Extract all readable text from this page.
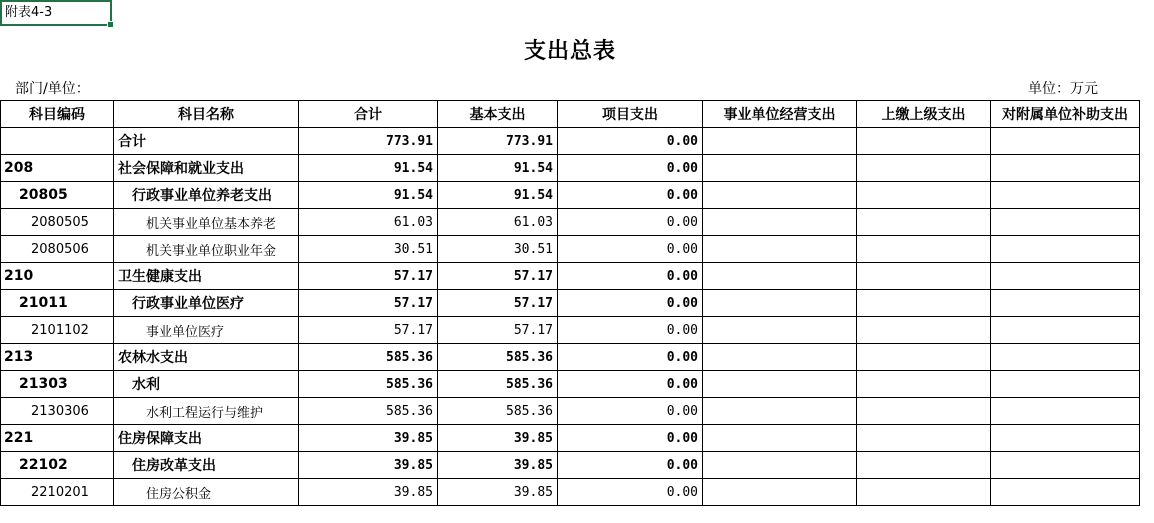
附表4-3
支出总表
部门/单位：	单位：万元
科目编码	科目名称	合计	基本支出	项目支出	事业单位经营支出	上缴上级支出	对附属单位补助支出
	合计	773.91	773.91	0.00			
208	社会保障和就业支出	91.54	91.54	0.00			
20805	行政事业单位养老支出	91.54	91.54	0.00			
2080505	机关事业单位基本养老	61.03	61.03	0.00			
2080506	机关事业单位职业年金	30.51	30.51	0.00			
210	卫生健康支出	57.17	57.17	0.00			
21011	行政事业单位医疗	57.17	57.17	0.00			
2101102	事业单位医疗	57.17	57.17	0.00			
213	农林水支出	585.36	585.36	0.00			
21303	水利	585.36	585.36	0.00			
2130306	水利工程运行与维护	585.36	585.36	0.00			
221	住房保障支出	39.85	39.85	0.00			
22102	住房改革支出	39.85	39.85	0.00			
2210201	住房公积金	39.85	39.85	0.00			
